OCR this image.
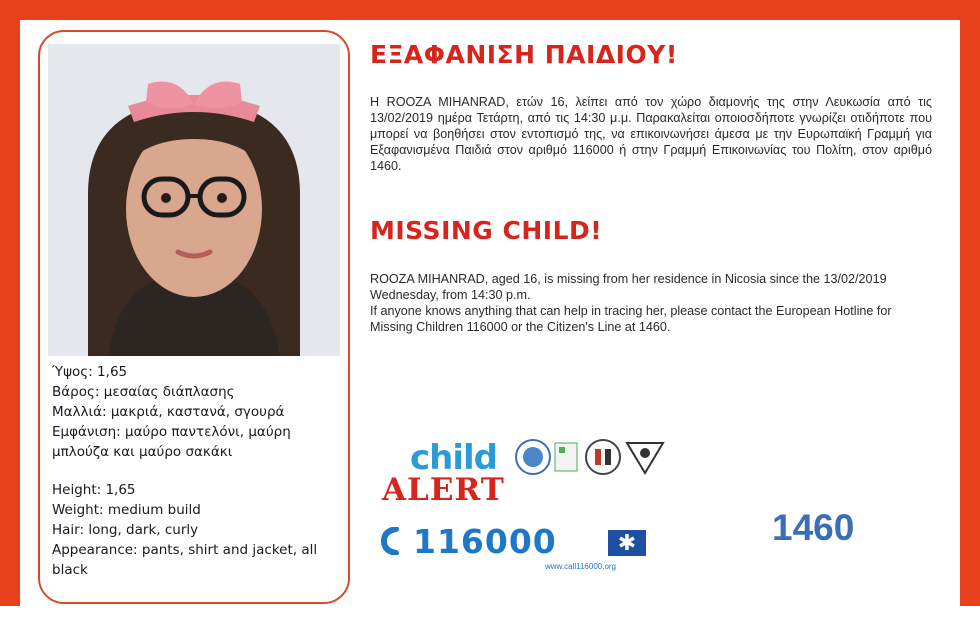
Ύψος: 1,65
Βάρος: μεσαίας διάπλασης
Μαλλιά: μακριά, καστανά, σγουρά
Εμφάνιση: μαύρο παντελόνι, μαύρη μπλούζα και μαύρο σακάκι
Height: 1,65
Weight: medium build
Hair: long, dark, curly
Appearance: pants, shirt and jacket, all black
ΕΞΑΦΑΝΙΣΗ ΠΑΙΔΙΟΥ!
Η ROOZA MIHANRAD, ετών 16, λείπει από τον χώρο διαμονής της στην Λευκωσία από τις 13/02/2019 ημέρα Τετάρτη, από τις 14:30 μ.μ. Παρακαλείται οποιοσδήποτε γνωρίζει οτιδήποτε που μπορεί να βοηθήσει στον εντοπισμό της, να επικοινωνήσει άμεσα με την Ευρωπαϊκή Γραμμή για Εξαφανισμένα Παιδιά στον αριθμό 116000 ή στην Γραμμή Επικοινωνίας του Πολίτη, στον αριθμό 1460.
MISSING CHILD!
ROOZA MIHANRAD, aged 16, is missing from her residence in Nicosia since the 13/02/2019 Wednesday, from 14:30 p.m.
If anyone knows anything that can help in tracing her, please contact the European Hotline for Missing Children 116000 or the Citizen's Line at 1460.
child
ALERT
116000	✱
www.call116000.org
1460
